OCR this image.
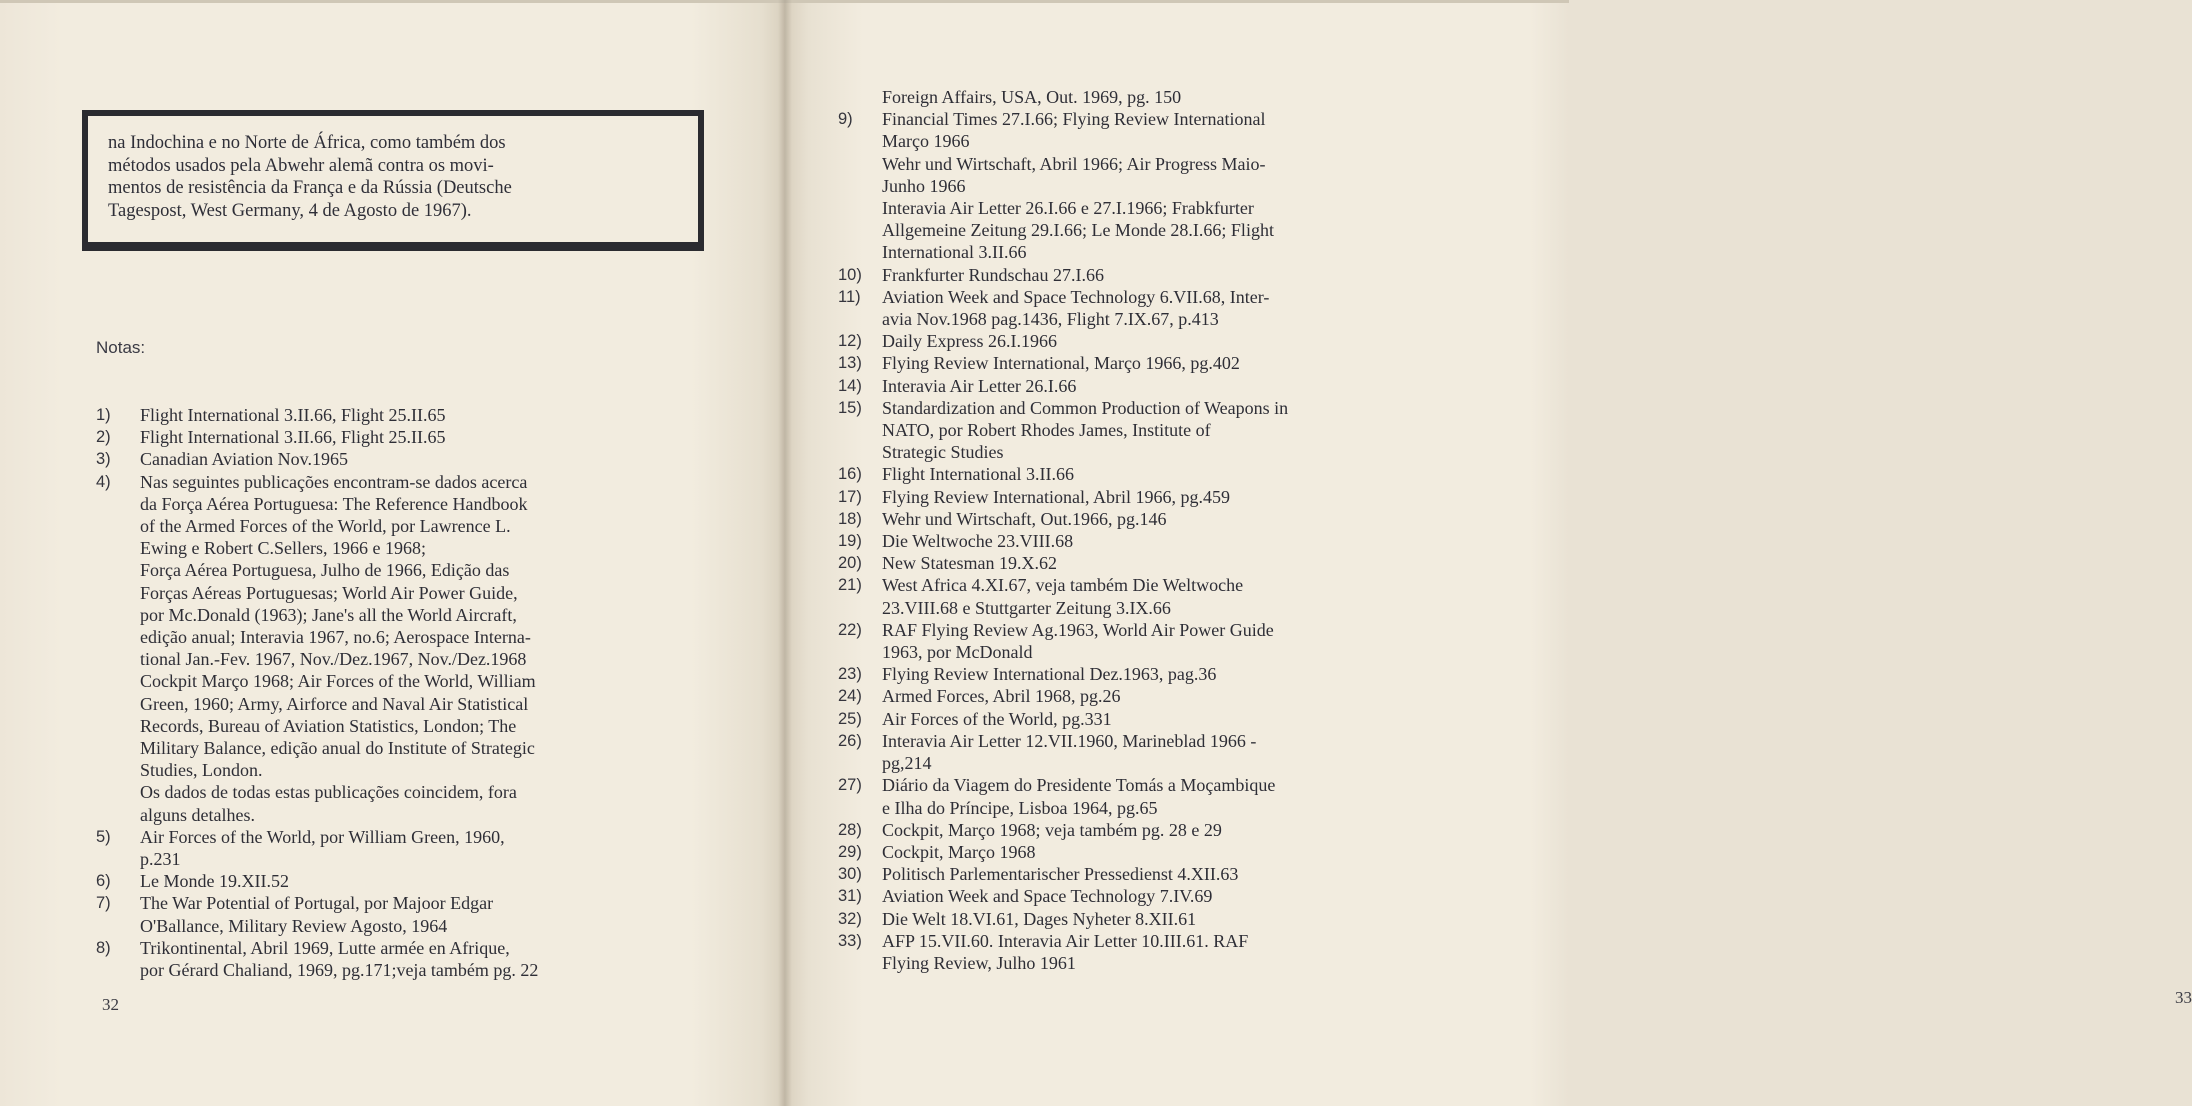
na Indochina e no Norte de África, como também dos
métodos usados pela Abwehr alemã contra os movi-
mentos de resistência da França e da Rússia (Deutsche
Tagespost, West Germany, 4 de Agosto de 1967).
Notas:
1) Flight International 3.II.66, Flight 25.II.65
2) Flight International 3.II.66, Flight 25.II.65
3) Canadian Aviation Nov.1965
4) Nas seguintes publicações encontram-se dados acerca
da Força Aérea Portuguesa: The Reference Handbook
of the Armed Forces of the World, por Lawrence L.
Ewing e Robert C.Sellers, 1966 e 1968;
Força Aérea Portuguesa, Julho de 1966, Edição das
Forças Aéreas Portuguesas; World Air Power Guide,
por Mc.Donald (1963); Jane's all the World Aircraft,
edição anual; Interavia 1967, no.6; Aerospace Interna-
tional Jan.-Fev. 1967, Nov./Dez.1967, Nov./Dez.1968
Cockpit Março 1968; Air Forces of the World, William
Green, 1960; Army, Airforce and Naval Air Statistical
Records, Bureau of Aviation Statistics, London; The
Military Balance, edição anual do Institute of Strategic
Studies, London.
Os dados de todas estas publicações coincidem, fora
alguns detalhes.
5) Air Forces of the World, por William Green, 1960,
p.231
6) Le Monde 19.XII.52
7) The War Potential of Portugal, por Majoor Edgar
O'Ballance, Military Review Agosto, 1964
8) Trikontinental, Abril 1969, Lutte armée en Afrique,
por Gérard Chaliand, 1969, pg.171;veja também pg. 22
32	33
Foreign Affairs, USA, Out. 1969, pg. 150
9) Financial Times 27.I.66; Flying Review International
Março 1966
Wehr und Wirtschaft, Abril 1966; Air Progress Maio-
Junho 1966
Interavia Air Letter 26.I.66 e 27.I.1966; Frabkfurter
Allgemeine Zeitung 29.I.66; Le Monde 28.I.66; Flight
International 3.II.66
10) Frankfurter Rundschau 27.I.66
11) Aviation Week and Space Technology 6.VII.68, Inter-
avia Nov.1968 pag.1436, Flight 7.IX.67, p.413
12) Daily Express 26.I.1966
13) Flying Review International, Março 1966, pg.402
14) Interavia Air Letter 26.I.66
15) Standardization and Common Production of Weapons in
NATO, por Robert Rhodes James, Institute of
Strategic Studies
16) Flight International 3.II.66
17) Flying Review International, Abril 1966, pg.459
18) Wehr und Wirtschaft, Out.1966, pg.146
19) Die Weltwoche 23.VIII.68
20) New Statesman 19.X.62
21) West Africa 4.XI.67, veja também Die Weltwoche
23.VIII.68 e Stuttgarter Zeitung 3.IX.66
22) RAF Flying Review Ag.1963, World Air Power Guide
1963, por McDonald
23) Flying Review International Dez.1963, pag.36
24) Armed Forces, Abril 1968, pg.26
25) Air Forces of the World, pg.331
26) Interavia Air Letter 12.VII.1960, Marineblad 1966 -
pg,214
27) Diário da Viagem do Presidente Tomás a Moçambique
e Ilha do Príncipe, Lisboa 1964, pg.65
28) Cockpit, Março 1968; veja também pg. 28 e 29
29) Cockpit, Março 1968
30) Politisch Parlementarischer Pressedienst 4.XII.63
31) Aviation Week and Space Technology 7.IV.69
32) Die Welt 18.VI.61, Dages Nyheter 8.XII.61
33) AFP 15.VII.60. Interavia Air Letter 10.III.61. RAF
Flying Review, Julho 1961
